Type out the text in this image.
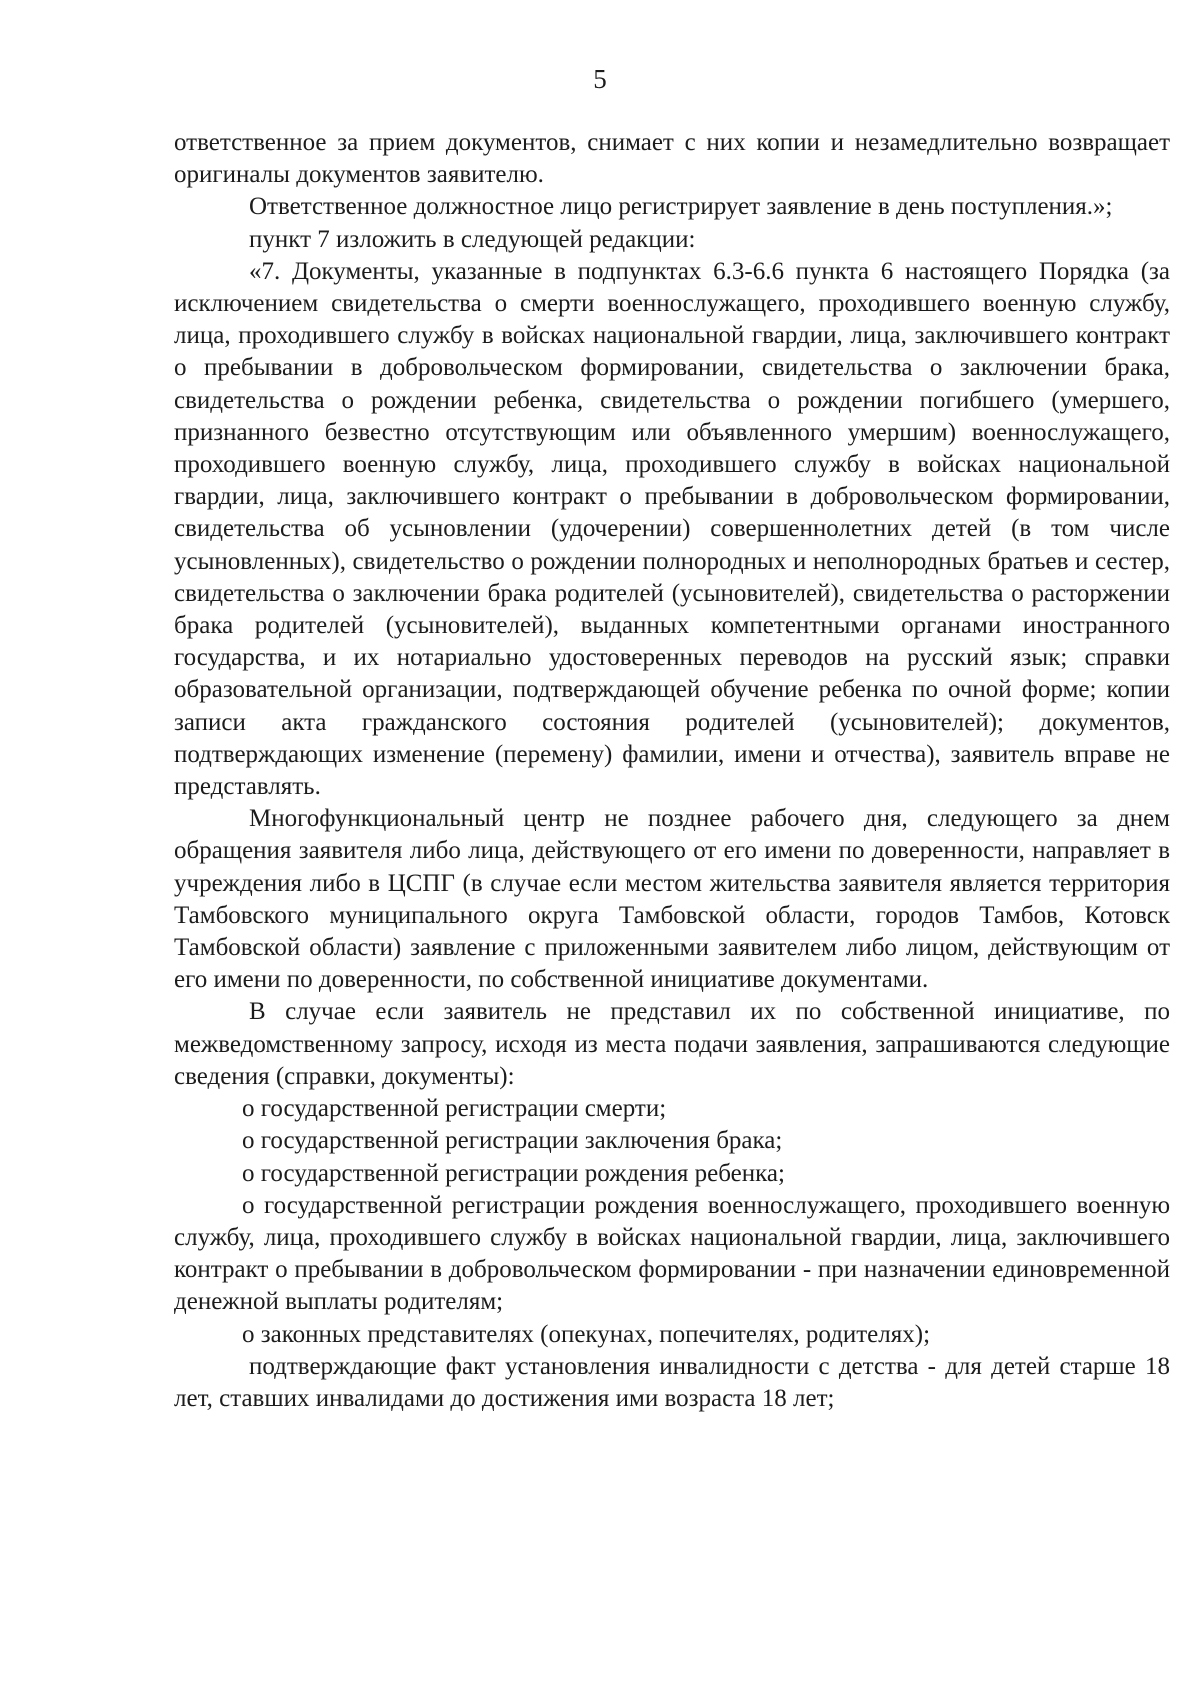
5

ответственное за прием документов, снимает с них копии и незамедлительно возвращает оригиналы документов заявителю.

Ответственное должностное лицо регистрирует заявление в день поступления.»;

пункт 7 изложить в следующей редакции:

«7. Документы, указанные в подпунктах 6.3-6.6 пункта 6 настоящего Порядка (за исключением свидетельства о смерти военнослужащего, проходившего военную службу, лица, проходившего службу в войсках национальной гвардии, лица, заключившего контракт о пребывании в добровольческом формировании, свидетельства о заключении брака, свидетельства о рождении ребенка, свидетельства о рождении погибшего (умершего, признанного безвестно отсутствующим или объявленного умершим) военнослужащего, проходившего военную службу, лица, проходившего службу в войсках национальной гвардии, лица, заключившего контракт о пребывании в добровольческом формировании, свидетельства об усыновлении (удочерении) совершеннолетних детей (в том числе усыновленных), свидетельство о рождении полнородных и неполнородных братьев и сестер, свидетельства о заключении брака родителей (усыновителей), свидетельства о расторжении брака родителей (усыновителей), выданных компетентными органами иностранного государства, и их нотариально удостоверенных переводов на русский язык; справки образовательной организации, подтверждающей обучение ребенка по очной форме; копии записи акта гражданского состояния родителей (усыновителей); документов, подтверждающих изменение (перемену) фамилии, имени и отчества), заявитель вправе не представлять.

Многофункциональный центр не позднее рабочего дня, следующего за днем обращения заявителя либо лица, действующего от его имени по доверенности, направляет в учреждения либо в ЦСПГ (в случае если местом жительства заявителя является территория Тамбовского муниципального округа Тамбовской области, городов Тамбов, Котовск Тамбовской области) заявление с приложенными заявителем либо лицом, действующим от его имени по доверенности, по собственной инициативе документами.

В случае если заявитель не представил их по собственной инициативе, по межведомственному запросу, исходя из места подачи заявления, запрашиваются следующие сведения (справки, документы):

о государственной регистрации смерти;

о государственной регистрации заключения брака;

о государственной регистрации рождения ребенка;

о государственной регистрации рождения военнослужащего, проходившего военную службу, лица, проходившего службу в войсках национальной гвардии, лица, заключившего контракт о пребывании в добровольческом формировании - при назначении единовременной денежной выплаты родителям;

о законных представителях (опекунах, попечителях, родителях);

подтверждающие факт установления инвалидности с детства - для детей старше 18 лет, ставших инвалидами до достижения ими возраста 18 лет;
